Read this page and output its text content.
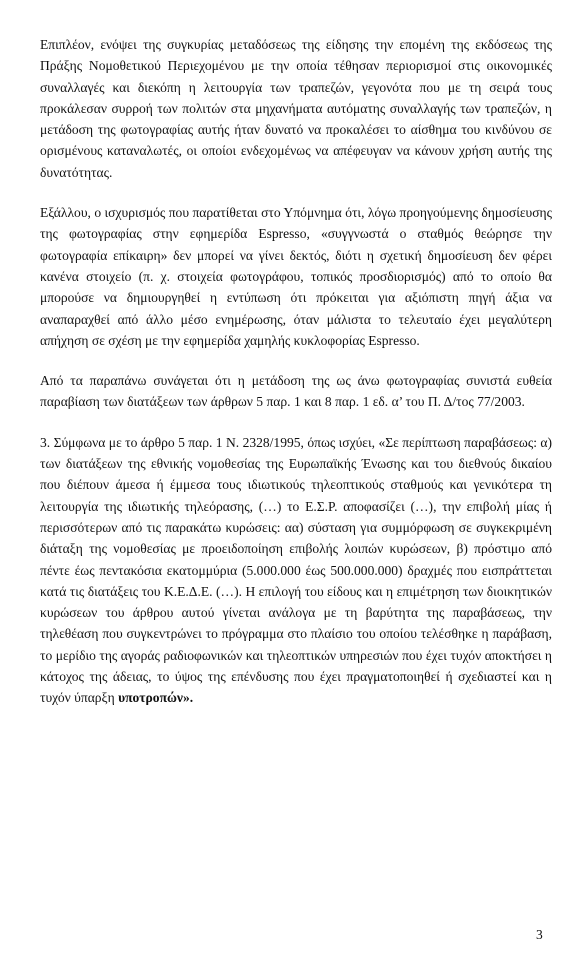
Επιπλέον, ενόψει της συγκυρίας μεταδόσεως της είδησης την επομένη της εκδόσεως της Πράξης Νομοθετικού Περιεχομένου με την οποία τέθησαν περιορισμοί στις οικονομικές συναλλαγές και διεκόπη η λειτουργία των τραπεζών, γεγονότα που με τη σειρά τους προκάλεσαν συρροή των πολιτών στα μηχανήματα αυτόματης συναλλαγής των τραπεζών, η μετάδοση της φωτογραφίας αυτής ήταν δυνατό να προκαλέσει το αίσθημα του κινδύνου σε ορισμένους καταναλωτές, οι οποίοι ενδεχομένως να απέφευγαν να κάνουν χρήση αυτής της δυνατότητας.

Εξάλλου, ο ισχυρισμός που παρατίθεται στο Υπόμνημα ότι, λόγω προηγούμενης δημοσίευσης της φωτογραφίας στην εφημερίδα Espresso, «συγγνωστά ο σταθμός θεώρησε την φωτογραφία επίκαιρη» δεν μπορεί να γίνει δεκτός, διότι η σχετική δημοσίευση δεν φέρει κανένα στοιχείο (π. χ. στοιχεία φωτογράφου, τοπικός προσδιορισμός) από το οποίο θα μπορούσε να δημιουργηθεί η εντύπωση ότι πρόκειται για αξιόπιστη πηγή άξια να αναπαραχθεί από άλλο μέσο ενημέρωσης, όταν μάλιστα το τελευταίο έχει μεγαλύτερη απήχηση σε σχέση με την εφημερίδα χαμηλής κυκλοφορίας Espresso.

Από τα παραπάνω συνάγεται ότι η μετάδοση της ως άνω φωτογραφίας συνιστά ευθεία παραβίαση των διατάξεων των άρθρων 5 παρ. 1 και 8 παρ. 1 εδ. α’ του Π. Δ/τος 77/2003.

3. Σύμφωνα με το άρθρο 5 παρ. 1 Ν. 2328/1995, όπως ισχύει, «Σε περίπτωση παραβάσεως: α) των διατάξεων της εθνικής νομοθεσίας της Ευρωπαϊκής Ένωσης και του διεθνούς δικαίου που διέπουν άμεσα ή έμμεσα τους ιδιωτικούς τηλεοπτικούς σταθμούς και γενικότερα τη λειτουργία της ιδιωτικής τηλεόρασης, (…) το Ε.Σ.Ρ. αποφασίζει (…), την επιβολή μίας ή περισσότερων από τις παρακάτω κυρώσεις: αα) σύσταση για συμμόρφωση σε συγκεκριμένη διάταξη της νομοθεσίας με προειδοποίηση επιβολής λοιπών κυρώσεων, β) πρόστιμο από πέντε έως πεντακόσια εκατομμύρια (5.000.000 έως 500.000.000) δραχμές που εισπράττεται κατά τις διατάξεις του Κ.Ε.Δ.Ε. (…). Η επιλογή του είδους και η επιμέτρηση των διοικητικών κυρώσεων του άρθρου αυτού γίνεται ανάλογα με τη βαρύτητα της παραβάσεως, την τηλεθέαση που συγκεντρώνει το πρόγραμμα στο πλαίσιο του οποίου τελέσθηκε η παράβαση, το μερίδιο της αγοράς ραδιοφωνικών και τηλεοπτικών υπηρεσιών που έχει τυχόν αποκτήσει η κάτοχος της άδειας, το ύψος της επένδυσης που έχει πραγματοποιηθεί ή σχεδιαστεί και η τυχόν ύπαρξη υποτροπών».

3
